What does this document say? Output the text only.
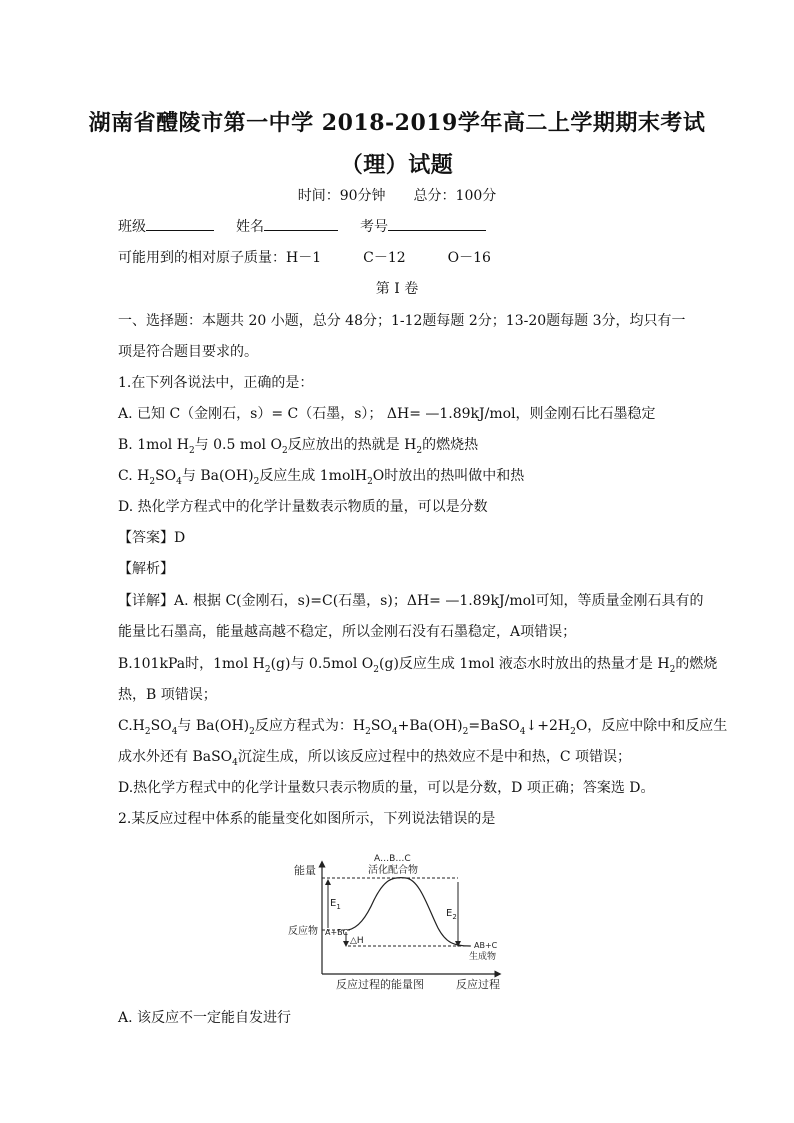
湖南省醴陵市第一中学 2018-2019学年高二上学期期末考试
（理）试题
时间：90分钟　　总分：100分
班级	姓名	考号
可能用到的相对原子质量：H－1　　　C－12　　　O－16
第 I 卷
一、选择题：本题共 20 小题，总分 48分；1-12题每题 2分；13-20题每题 3分，均只有一
项是符合题目要求的。
1.在下列各说法中，正确的是：
A. 已知 C（金刚石，s）= C（石墨，s）； ΔH= —1.89kJ/mol，则金刚石比石墨稳定
B. 1mol $H_2$与 0.5 mol $O_2$反应放出的热就是 $H_2$的燃烧热
C. $H_2SO_4$与 $Ba(OH)_2$反应生成 1molH$_2$O时放出的热叫做中和热
D. 热化学方程式中的化学计量数表示物质的量，可以是分数
【答案】D
【解析】
【详解】A. 根据 C(金刚石，s)=C(石墨，s)；ΔH= —1.89kJ/mol可知，等质量金刚石具有的
能量比石墨高，能量越高越不稳定，所以金刚石没有石墨稳定，A项错误；
B.101kPa时，1mol $H_2(g)$与 0.5mol $O_2(g)$反应生成 1mol 液态水时放出的热量才是 $H_2$的燃烧
热，B 项错误；
$C.H_2SO_4$与 $Ba(OH)_2$反应方程式为：$H_2SO_4+Ba(OH)_2=BaSO_4↓+2H_2O$，反应中除中和反应生
成水外还有 BaSO$_4$沉淀生成，所以该反应过程中的热效应不是中和热，C 项错误；
D.热化学方程式中的化学计量数只表示物质的量，可以是分数，D 项正确；答案选 D。
2.某反应过程中体系的能量变化如图所示，下列说法错误的是
能量
反应过程
反应过程的能量图
A…B…C
活化配合物
反应物 A+BC
AB+C
生成物
$E_1$
$E_2$
△H
A. 该反应不一定能自发进行
